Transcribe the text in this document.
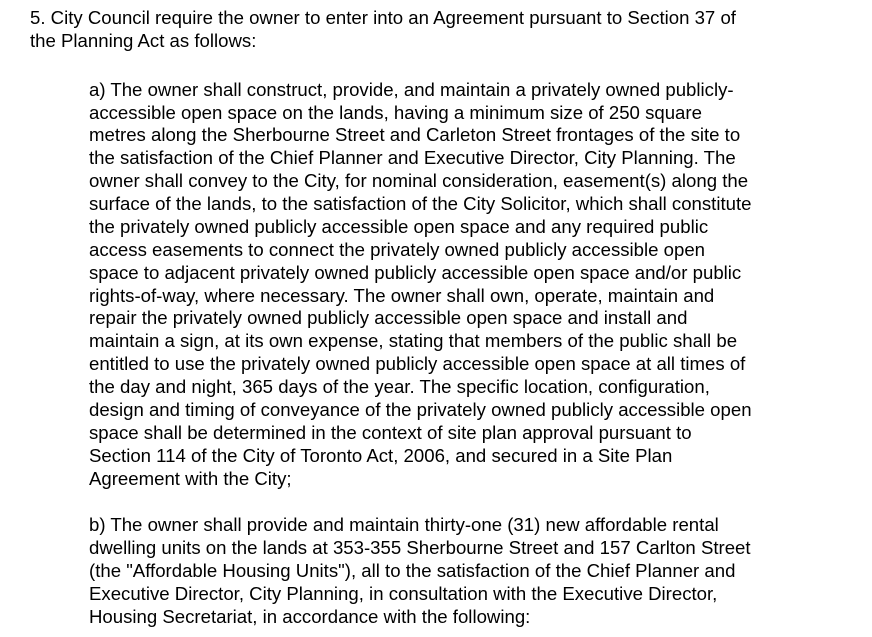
5. City Council require the owner to enter into an Agreement pursuant to Section 37 of

the Planning Act as follows:

a) The owner shall construct, provide, and maintain a privately owned publicly-

accessible open space on the lands, having a minimum size of 250 square

metres along the Sherbourne Street and Carleton Street frontages of the site to

the satisfaction of the Chief Planner and Executive Director, City Planning. The

owner shall convey to the City, for nominal consideration, easement(s) along the

surface of the lands, to the satisfaction of the City Solicitor, which shall constitute

the privately owned publicly accessible open space and any required public

access easements to connect the privately owned publicly accessible open

space to adjacent privately owned publicly accessible open space and/or public

rights-of-way, where necessary. The owner shall own, operate, maintain and

repair the privately owned publicly accessible open space and install and

maintain a sign, at its own expense, stating that members of the public shall be

entitled to use the privately owned publicly accessible open space at all times of

the day and night, 365 days of the year. The specific location, configuration,

design and timing of conveyance of the privately owned publicly accessible open

space shall be determined in the context of site plan approval pursuant to

Section 114 of the City of Toronto Act, 2006, and secured in a Site Plan

Agreement with the City;

b) The owner shall provide and maintain thirty-one (31) new affordable rental

dwelling units on the lands at 353-355 Sherbourne Street and 157 Carlton Street

(the "Affordable Housing Units"), all to the satisfaction of the Chief Planner and

Executive Director, City Planning, in consultation with the Executive Director,

Housing Secretariat, in accordance with the following:
